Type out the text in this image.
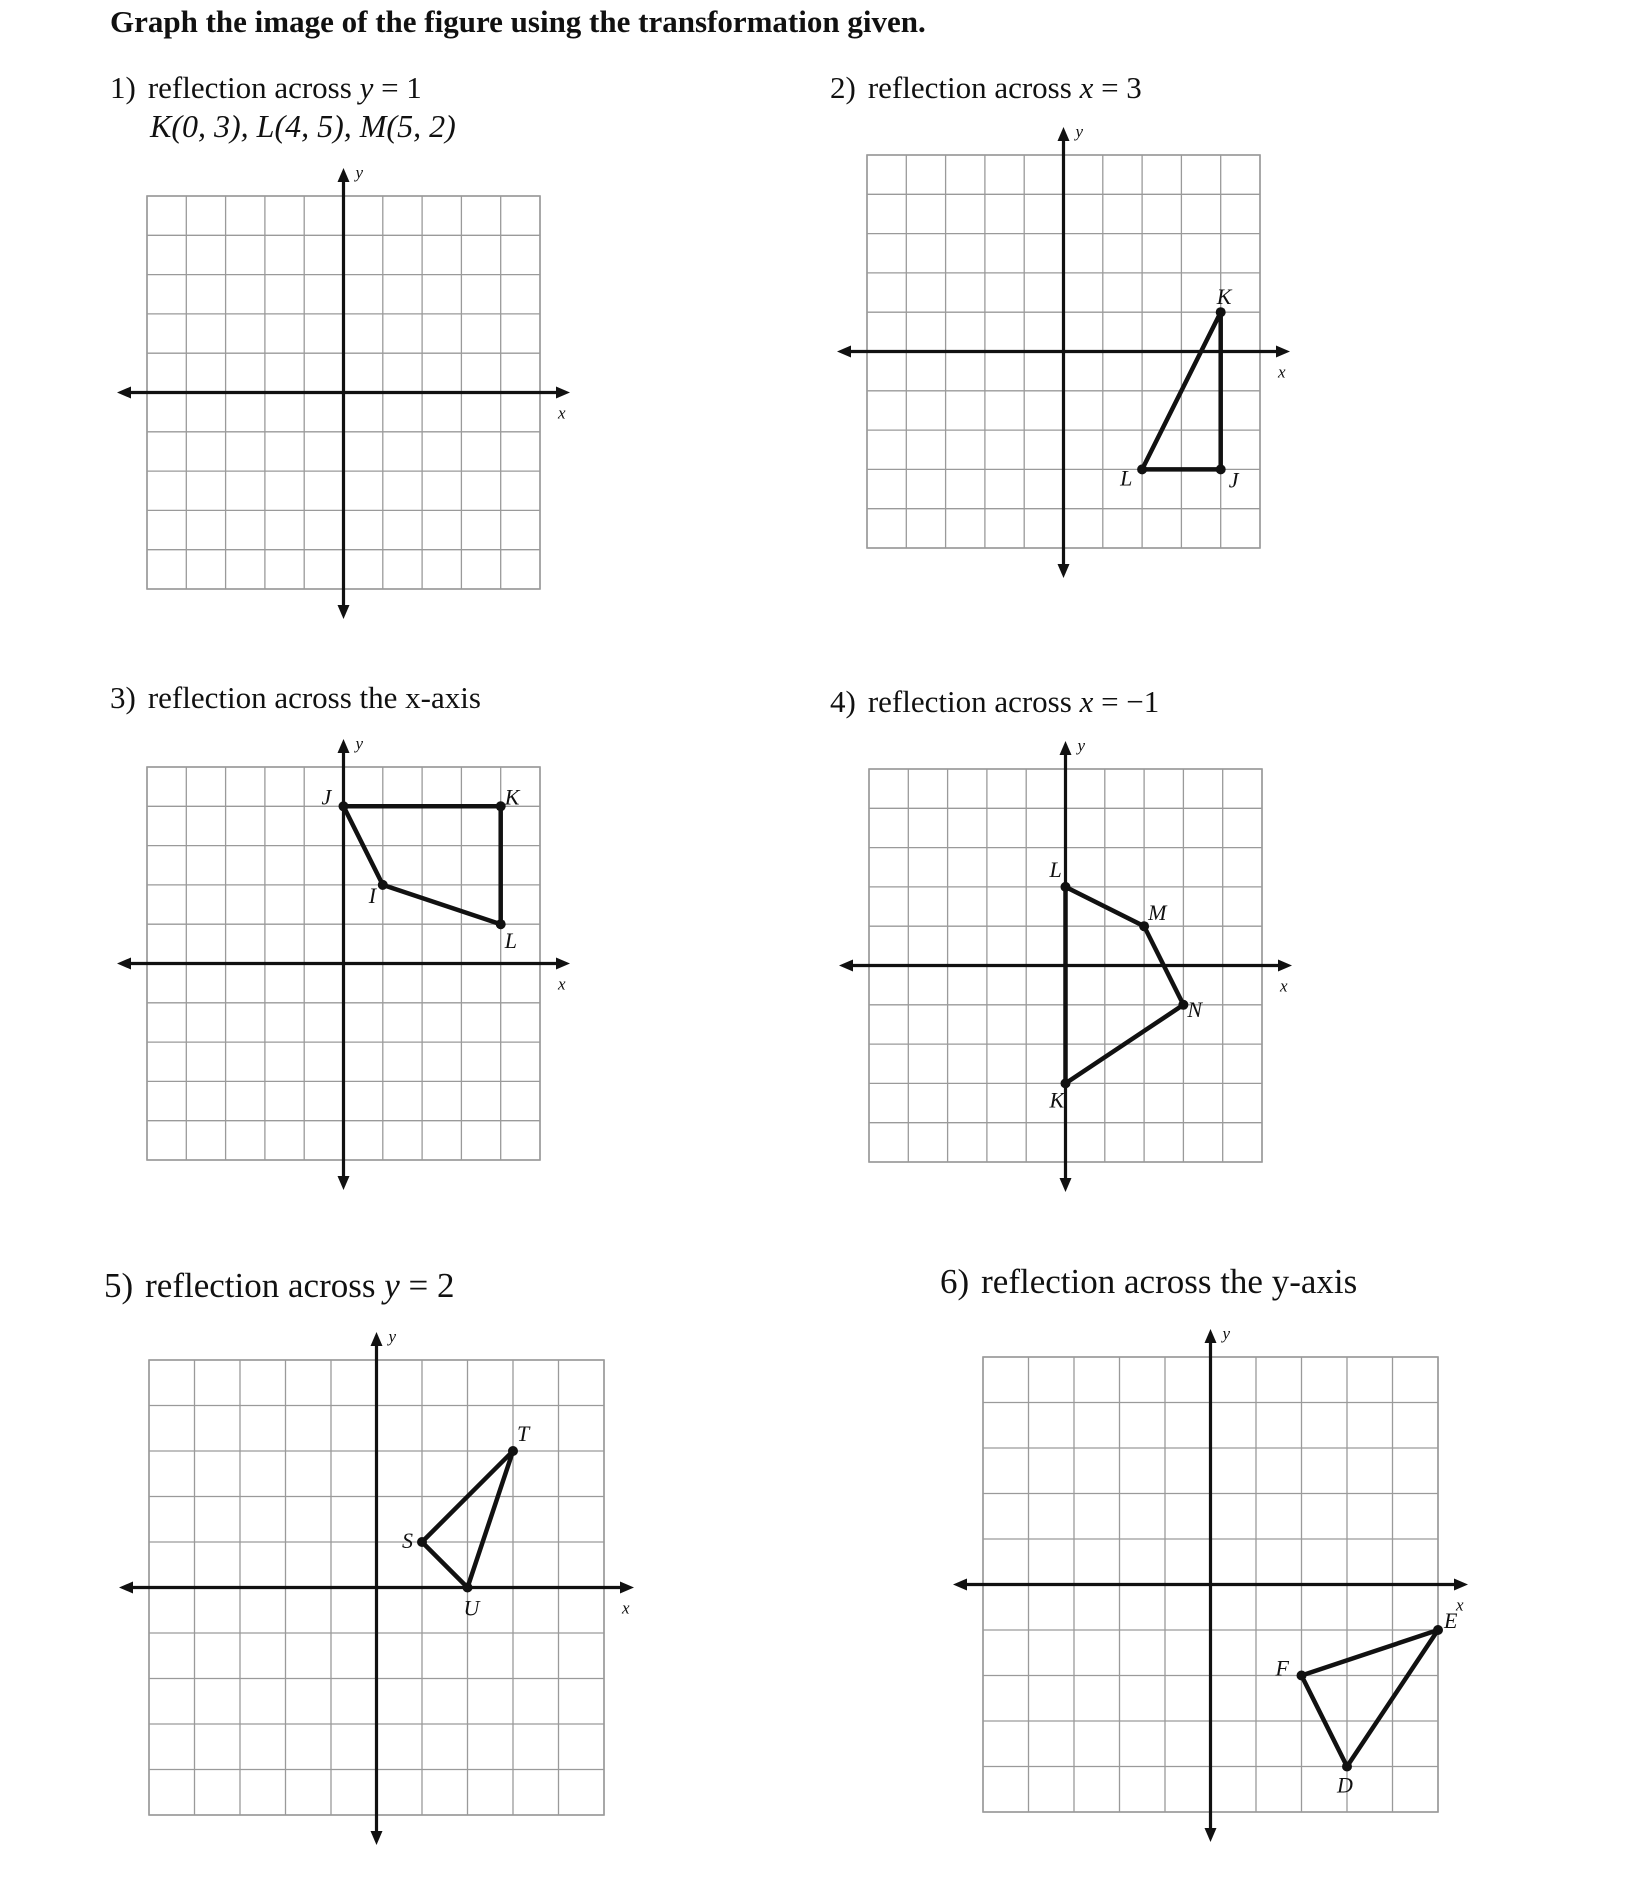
Graph the image of the figure using the transformation given.
1) reflection across y = 1
K(0, 3), L(4, 5), M(5, 2)
x
y
2) reflection across x = 3
x
y
K
J
L
3) reflection across the x-axis
x
y
J	K
L
I
4) reflection across x = −1
x
y
L
M
N
K
5) reflection across y = 2
x
y
T
U
S
6) reflection across the y-axis
x
y
E
D
F
